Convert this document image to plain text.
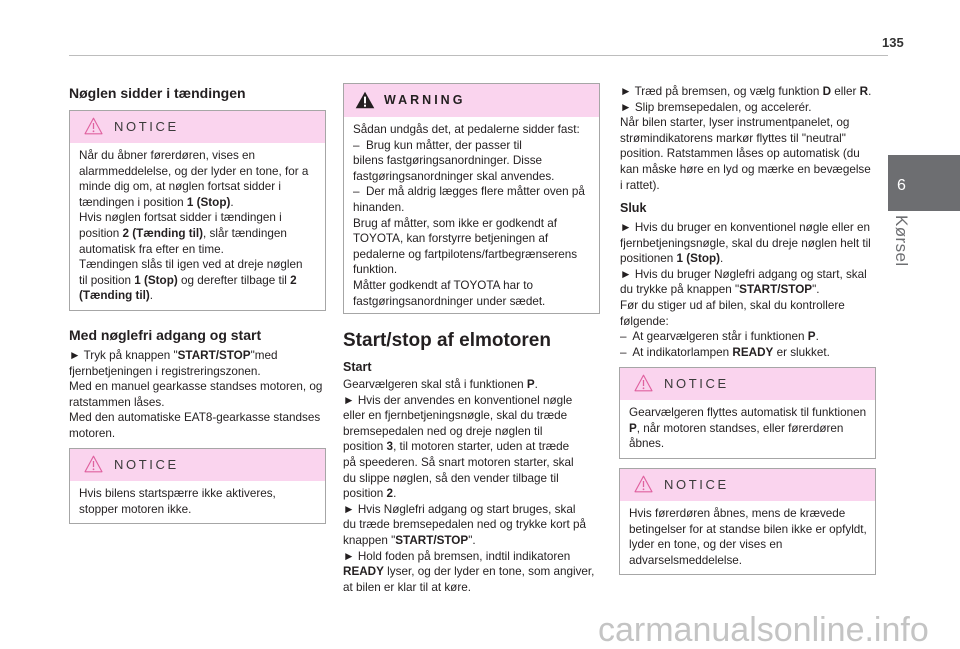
135
6
Kørsel
Nøglen sidder i tændingen
NOTICE
Når du åbner førerdøren, vises en
alarmmeddelelse, og der lyder en tone, for a
minde dig om, at nøglen fortsat sidder i
tændingen i position 1 (Stop).
Hvis nøglen fortsat sidder i tændingen i
position 2 (Tænding til), slår tændingen
automatisk fra efter en time.
Tændingen slås til igen ved at dreje nøglen
til position 1 (Stop) og derefter tilbage til 2
(Tænding til).
Med nøglefri adgang og start
► Tryk på knappen "START/STOP"med
fjernbetjeningen i registreringszonen.
Med en manuel gearkasse standses motoren, og
ratstammen låses.
Med den automatiske EAT8-gearkasse standses
motoren.
NOTICE
Hvis bilens startspærre ikke aktiveres,
stopper motoren ikke.
WARNING
Sådan undgås det, at pedalerne sidder fast:
–  Brug kun måtter, der passer til
bilens fastgøringsanordninger. Disse
fastgøringsanordninger skal anvendes.
–  Der må aldrig lægges flere måtter oven på
hinanden.
Brug af måtter, som ikke er godkendt af
TOYOTA, kan forstyrre betjeningen af
pedalerne og fartpilotens/fartbegrænserens
funktion.
Måtter godkendt af TOYOTA har to
fastgøringsanordninger under sædet.
Start/stop af elmotoren
Start
Gearvælgeren skal stå i funktionen P.
► Hvis der anvendes en konventionel nøgle
eller en fjernbetjeningsnøgle, skal du træde
bremsepedalen ned og dreje nøglen til
position 3, til motoren starter, uden at træde
på speederen. Så snart motoren starter, skal
du slippe nøglen, så den vender tilbage til
position 2.
► Hvis Nøglefri adgang og start bruges, skal
du træde bremsepedalen ned og trykke kort på
knappen "START/STOP".
► Hold foden på bremsen, indtil indikatoren
READY lyser, og der lyder en tone, som angiver,
at bilen er klar til at køre.
► Træd på bremsen, og vælg funktion D eller R.
► Slip bremsepedalen, og accelerér.
Når bilen starter, lyser instrumentpanelet, og
strømindikatorens markør flyttes til "neutral"
position. Ratstammen låses op automatisk (du
kan måske høre en lyd og mærke en bevægelse
i rattet).
Sluk
► Hvis du bruger en konventionel nøgle eller en
fjernbetjeningsnøgle, skal du dreje nøglen helt til
positionen 1 (Stop).
► Hvis du bruger Nøglefri adgang og start, skal
du trykke på knappen "START/STOP".
Før du stiger ud af bilen, skal du kontrollere
følgende:
–  At gearvælgeren står i funktionen P.
–  At indikatorlampen READY er slukket.
NOTICE
Gearvælgeren flyttes automatisk til funktionen
P, når motoren standses, eller førerdøren
åbnes.
NOTICE
Hvis førerdøren åbnes, mens de krævede
betingelser for at standse bilen ikke er opfyldt,
lyder en tone, og der vises en
advarselsmeddelelse.
carmanualsonline.info
